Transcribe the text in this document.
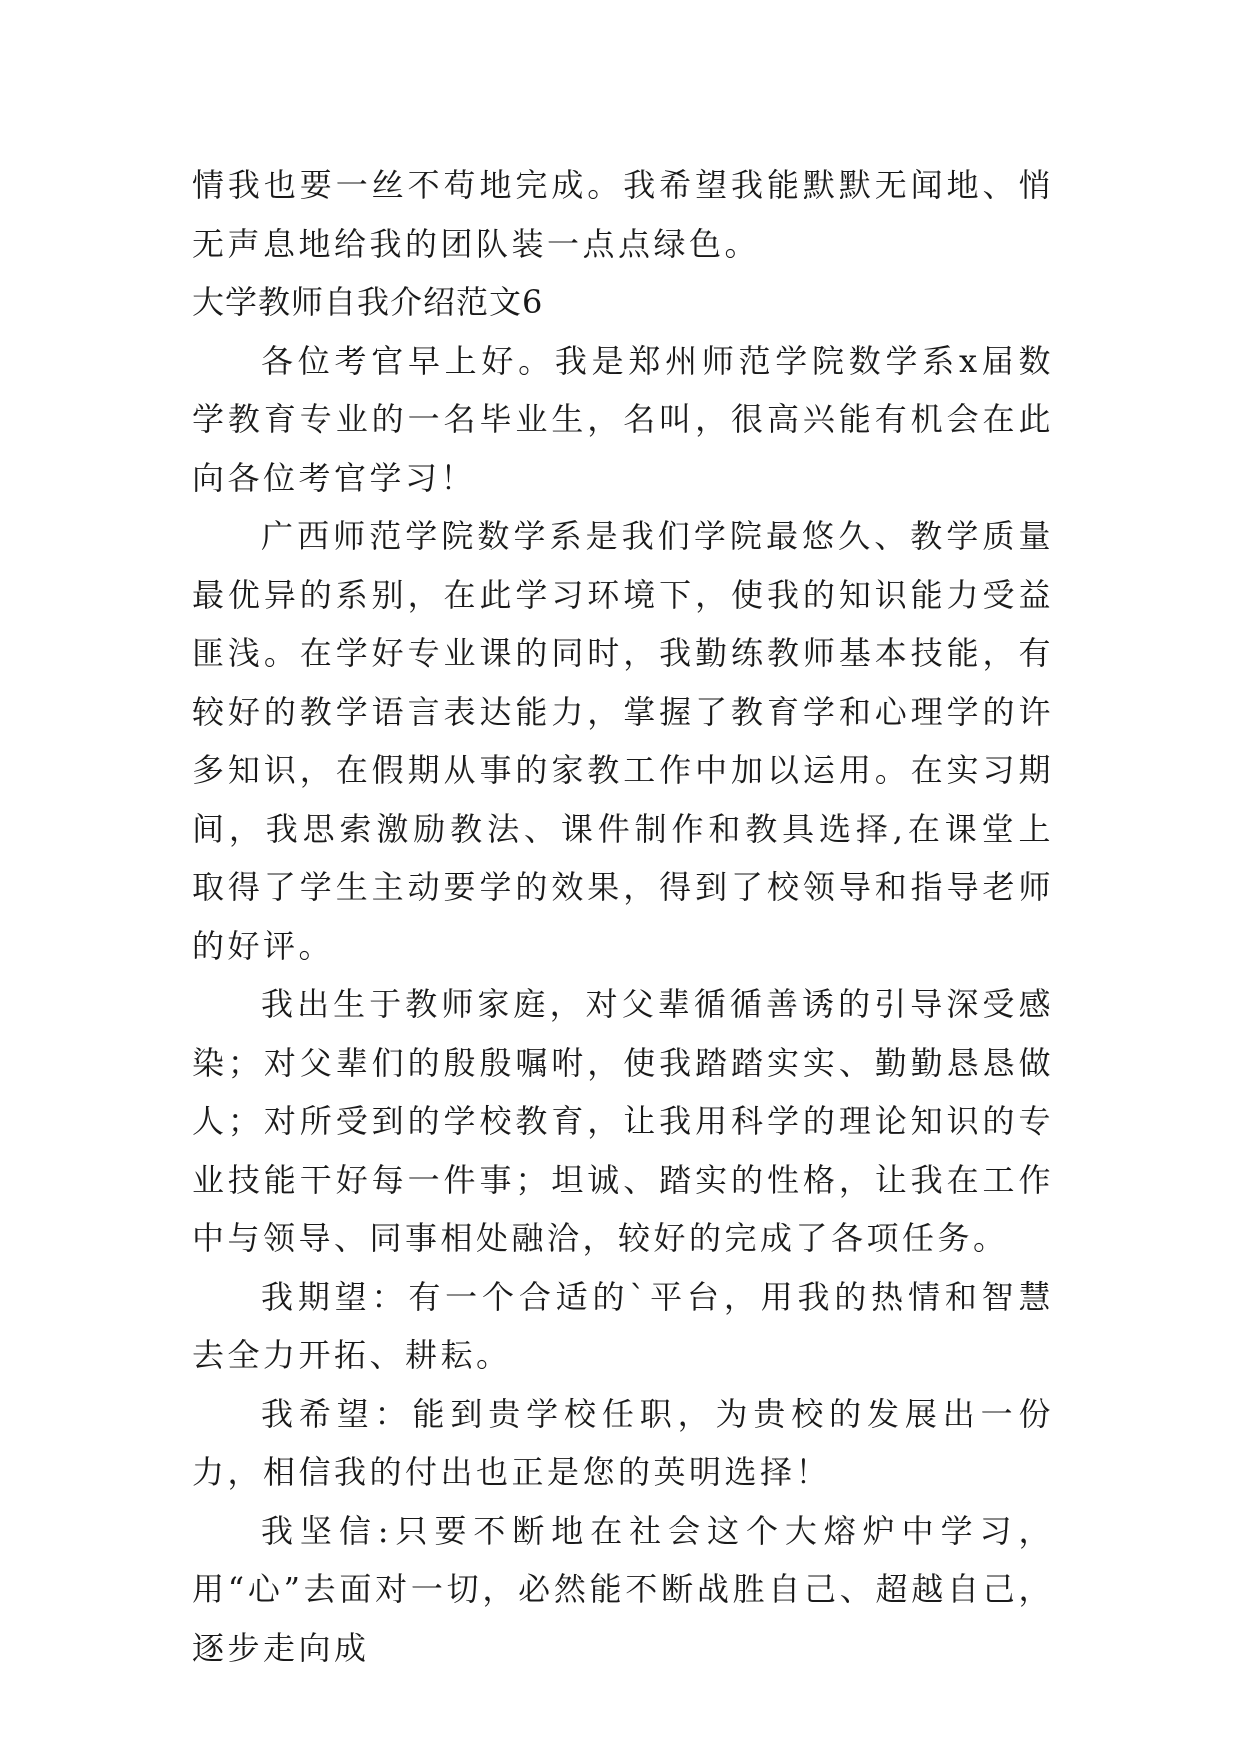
情我也要一丝不苟地完成。我希望我能默默无闻地、悄无声息地给我的团队装一点点绿色。

大学教师自我介绍范文6

各位考官早上好。我是郑州师范学院数学系x届数学教育专业的一名毕业生，名叫，很高兴能有机会在此向各位考官学习！

广西师范学院数学系是我们学院最悠久、教学质量最优异的系别，在此学习环境下，使我的知识能力受益匪浅。在学好专业课的同时，我勤练教师基本技能，有较好的教学语言表达能力，掌握了教育学和心理学的许多知识，在假期从事的家教工作中加以运用。在实习期间，我思索激励教法、课件制作和教具选择,在课堂上取得了学生主动要学的效果，得到了校领导和指导老师的好评。

我出生于教师家庭，对父辈循循善诱的引导深受感染；对父辈们的殷殷嘱咐，使我踏踏实实、勤勤恳恳做人；对所受到的学校教育，让我用科学的理论知识的专业技能干好每一件事；坦诚、踏实的性格，让我在工作中与领导、同事相处融洽，较好的完成了各项任务。

我期望：有一个合适的`平台，用我的热情和智慧去全力开拓、耕耘。

我希望：能到贵学校任职，为贵校的发展出一份力，相信我的付出也正是您的英明选择！

我坚信:只要不断地在社会这个大熔炉中学习，用“心”去面对一切，必然能不断战胜自己、超越自己，逐步走向成
